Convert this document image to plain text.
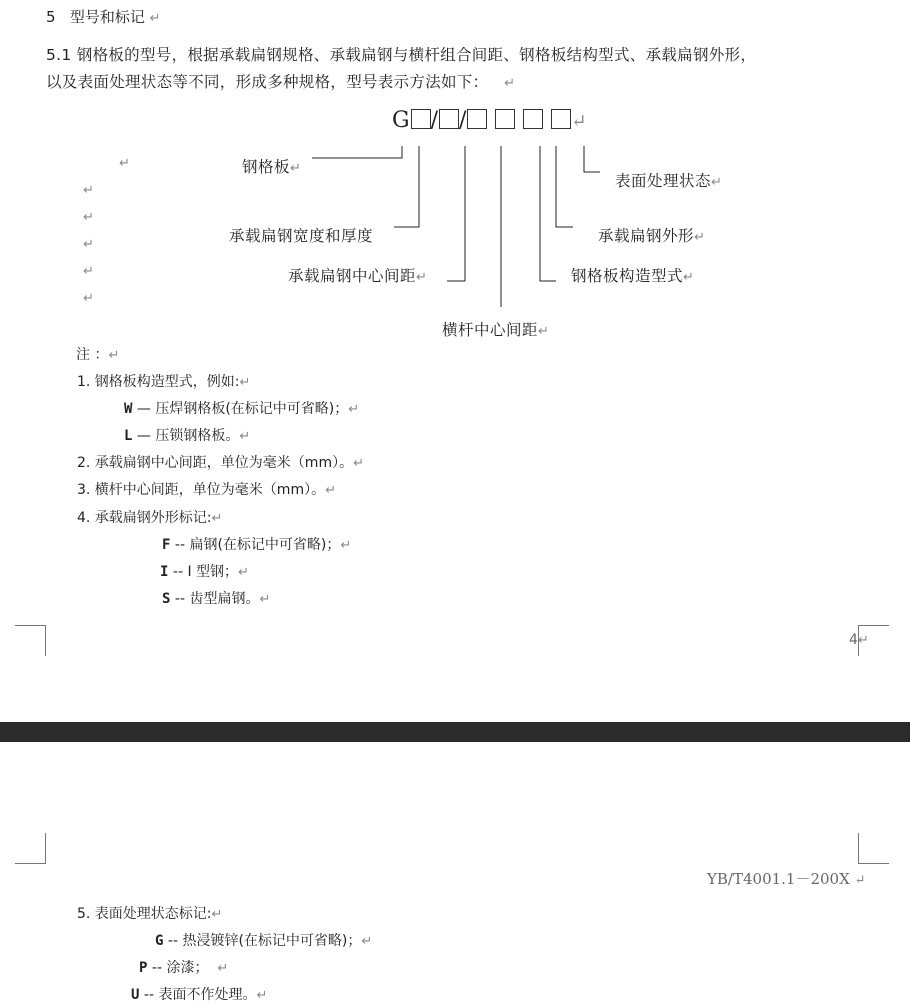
5 型号和标记 ↵
5.1 钢格板的型号，根据承载扁钢规格、承载扁钢与横杆组合间距、钢格板结构型式、承载扁钢外形，
以及表面处理状态等不同，形成多种规格，型号表示方法如下： ↵
G / /	↵
↵
↵
↵
↵
↵
↵
钢格板↵
表面处理状态↵
承载扁钢宽度和厚度	承载扁钢外形↵
承载扁钢中心间距↵	钢格板构造型式↵
横杆中心间距↵
注 ：↵
1. 钢格板构造型式，例如:↵
W — 压焊钢格板(在标记中可省略)；↵
L — 压锁钢格板。↵
2. 承载扁钢中心间距，单位为毫米（mm）。↵
3. 横杆中心间距，单位为毫米（mm）。↵
4. 承载扁钢外形标记:↵
F -- 扁钢(在标记中可省略)；↵
I -- I 型钢；↵
S -- 齿型扁钢。↵
4↵
YB/T4001.1－200X ↵
5. 表面处理状态标记:↵
G -- 热浸镀锌(在标记中可省略)；↵
P -- 涂漆； ↵
U -- 表面不作处理。↵
